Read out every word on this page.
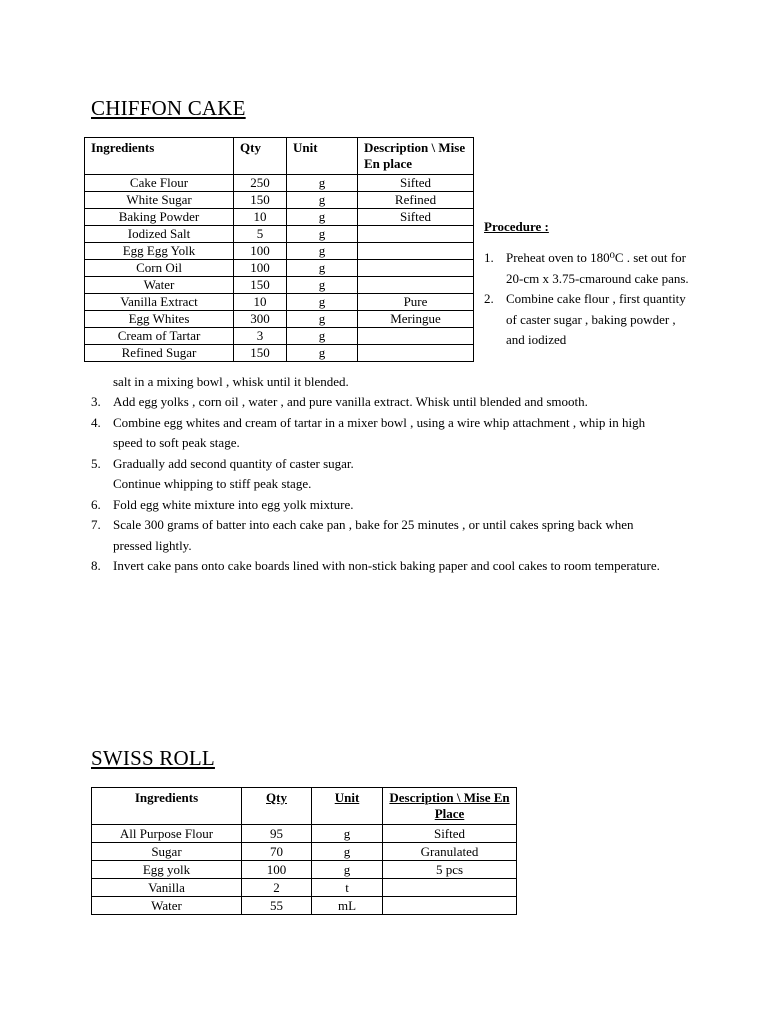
CHIFFON CAKE
Ingredients	Qty	Unit	Description \ Mise En place
Cake Flour	250	g	Sifted
White Sugar	150	g	Refined
Baking Powder	10	g	Sifted
Iodized Salt	5	g	
Egg Egg Yolk	100	g	
Corn Oil	100	g	
Water	150	g	
Vanilla Extract	10	g	Pure
Egg Whites	300	g	Meringue
Cream of Tartar	3	g	
Refined Sugar	150	g	

Procedure :

1. Preheat oven to 180⁰C . set out for 20-cm x 3.75-cmaround cake pans.
2. Combine cake flour , first quantity of caster sugar , baking powder , and iodized
salt in a mixing bowl , whisk until it blended.
3. Add egg yolks , corn oil , water , and pure vanilla extract. Whisk until blended and smooth.
4. Combine egg whites and cream of tartar in a mixer bowl , using a wire whip attachment , whip in high speed to soft peak stage.
5. Gradually add second quantity of caster sugar.
Continue whipping to stiff peak stage.
6. Fold egg white mixture into egg yolk mixture.
7. Scale 300 grams of batter into each cake pan , bake for 25 minutes , or until cakes spring back when pressed lightly.
8. Invert cake pans onto cake boards lined with non-stick baking paper and cool cakes to room temperature.
SWISS ROLL
Ingredients	Qty	Unit	Description \ Mise En Place
All Purpose Flour	95	g	Sifted
Sugar	70	g	Granulated
Egg yolk	100	g	5 pcs
Vanilla	2	t	
Water	55	mL	
